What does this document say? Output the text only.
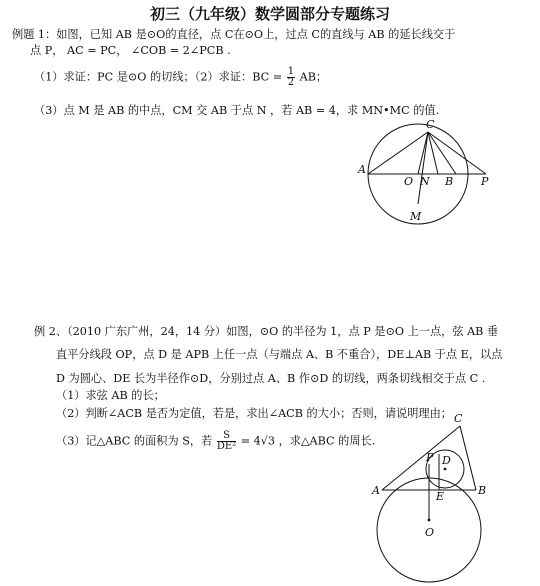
初三（九年级）数学圆部分专题练习
例题 1：如图，已知 AB 是⊙O的直径，点 C在⊙O上，过点 C的直线与 AB 的延长线交于
点 P， AC = PC， ∠COB = 2∠PCB .
（1）求证：PC 是⊙O 的切线；（2）求证：BC = $\frac{1}{2}$ AB；
（3）点 M 是 AB 的中点，CM 交 AB 于点 N ，若 AB = 4，求 MN•MC 的值.
C
A
O N B	P
M
例 2、（2010 广东广州，24，14 分）如图，⊙O 的半径为 1，点 P 是⊙O 上一点，弦 AB 垂
直平分线段 OP，点 D 是 APB 上任一点（与端点 A、B 不重合），DE⊥AB 于点 E，以点
D 为圆心、DE 长为半径作⊙D，分别过点 A、B 作⊙D 的切线，两条切线相交于点 C .
（1）求弦 AB 的长；
（2）判断∠ACB 是否为定值，若是，求出∠ACB 的大小；否则，请说明理由；
（3）记△ABC 的面积为 S，若 $\frac{S}{\text{DE²}} = 4√3$ ，求△ABC 的周长.
C
P D
A	E	B
O
